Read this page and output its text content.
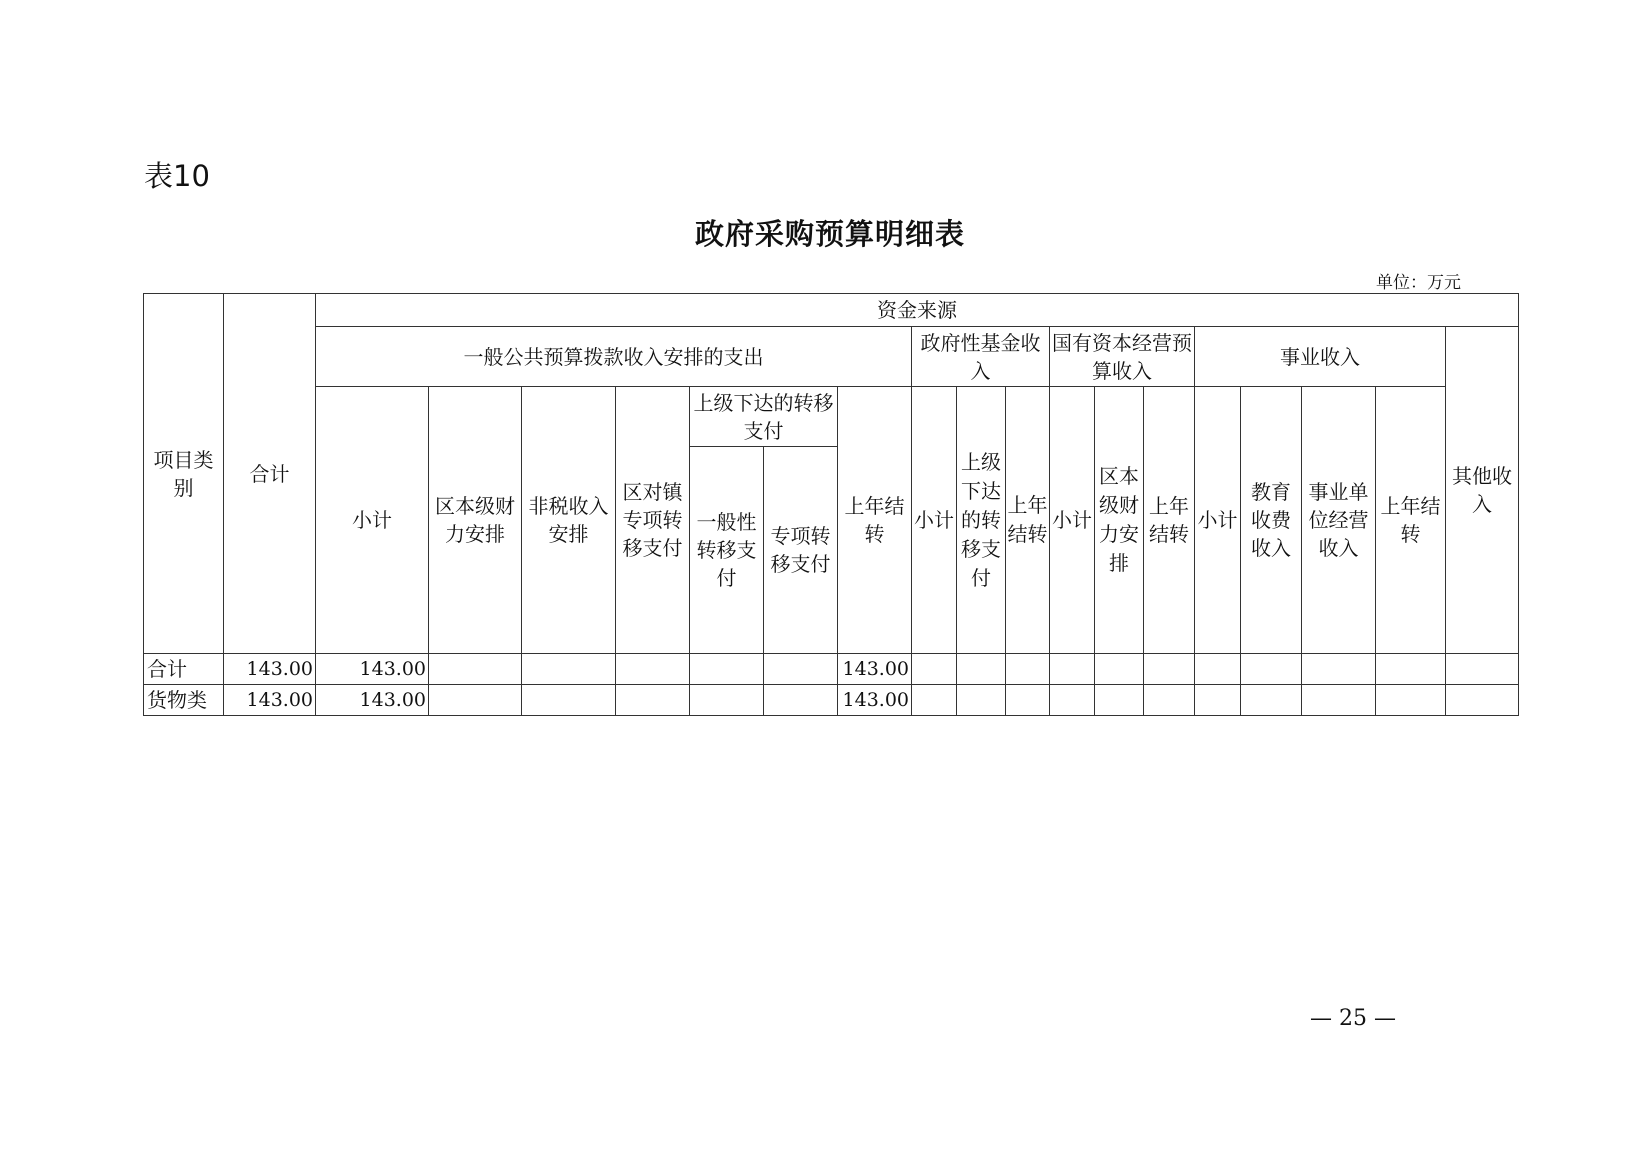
表10
政府采购预算明细表
单位：万元
项目类别	合计	资金来源																	
		一般公共预算拨款收入安排的支出							政府性基金收入			国有资本经营预算收入			事业收入				其他收入
		小计	区本级财力安排	非税收入安排	区对镇专项转移支付	上级下达的转移支付		上年结转	小计	上级下达的转移支付	上年结转	小计	区本级财力安排	上年结转	小计	教育收费收入	事业单位经营收入	上年结转	
						一般性转移支付	专项转移支付												
合计	143.00	143.00						143.00											
货物类	143.00	143.00						143.00											
— 25 —
